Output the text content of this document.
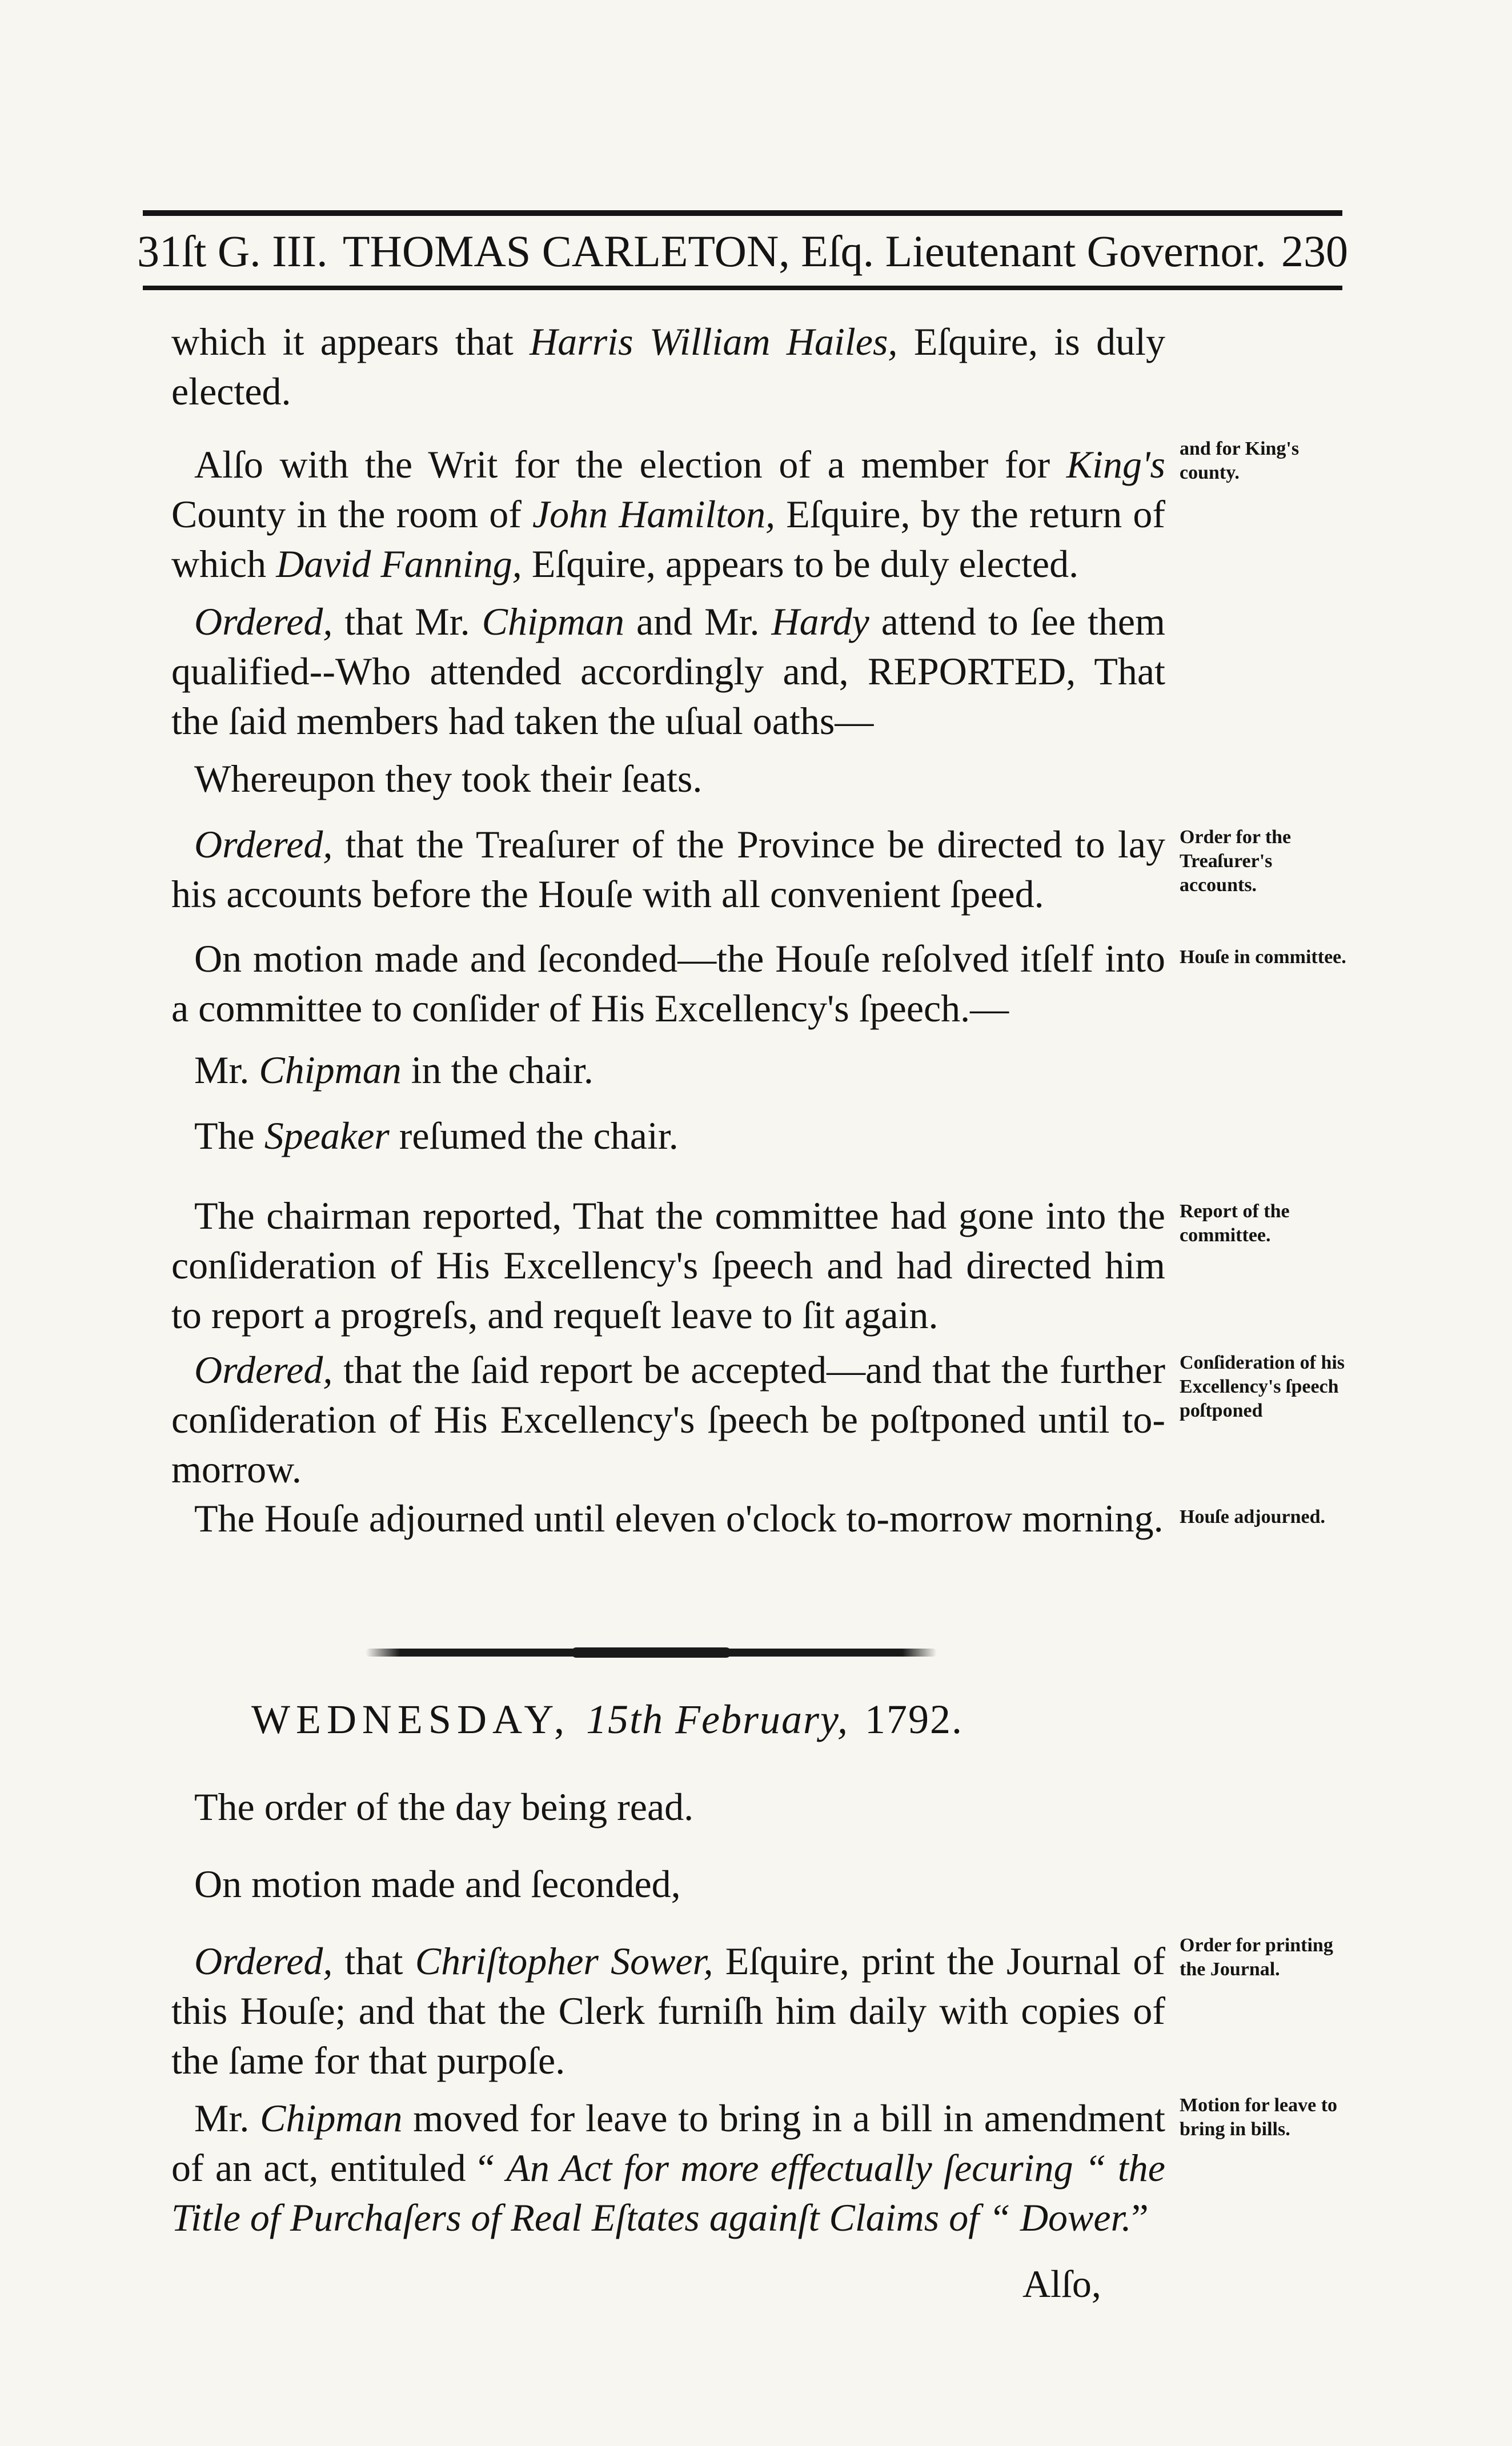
31ſt G. III. THOMAS CARLETON, Eſq. Lieutenant Governor. 230

which it appears that Harris William Hailes, Eſquire, is duly elected.

Alſo with the Writ for the election of a member for King's County in the room of John Hamilton, Eſquire, by the return of which David Fanning, Eſquire, appears to be duly elected.

Ordered, that Mr. Chipman and Mr. Hardy attend to ſee them qualified--Who attended accordingly and, REPORTED, That the ſaid members had taken the uſual oaths—

Whereupon they took their ſeats.

Ordered, that the Treaſurer of the Province be directed to lay his accounts before the Houſe with all convenient ſpeed.

On motion made and ſeconded—the Houſe reſolved itſelf into a committee to conſider of His Excellency's ſpeech.—

Mr. Chipman in the chair.

The Speaker reſumed the chair.

The chairman reported, That the committee had gone into the conſideration of His Excellency's ſpeech and had directed him to report a progreſs, and requeſt leave to ſit again.

Ordered, that the ſaid report be accepted—and that the further conſideration of His Excellency's ſpeech be poſtponed until to-morrow.

The Houſe adjourned until eleven o'clock to-morrow morning.

The order of the day being read.

On motion made and ſeconded,

Ordered, that Chriſtopher Sower, Eſquire, print the Journal of this Houſe; and that the Clerk furniſh him daily with copies of the ſame for that purpoſe.

Mr. Chipman moved for leave to bring in a bill in amendment of an act, entituled “ An Act for more effectually ſecuring “ the Title of Purchaſers of Real Eſtates againſt Claims of “ Dower.”

and for King's county.
Order for the Treaſurer's accounts.
Houſe in committee.
Report of the committee.
Conſideration of his Excellency's ſpeech poſtponed
Houſe adjourned.
Order for printing the Journal.
Motion for leave to bring in bills.
WEDNESDAY, 15th February, 1792.
Alſo,
